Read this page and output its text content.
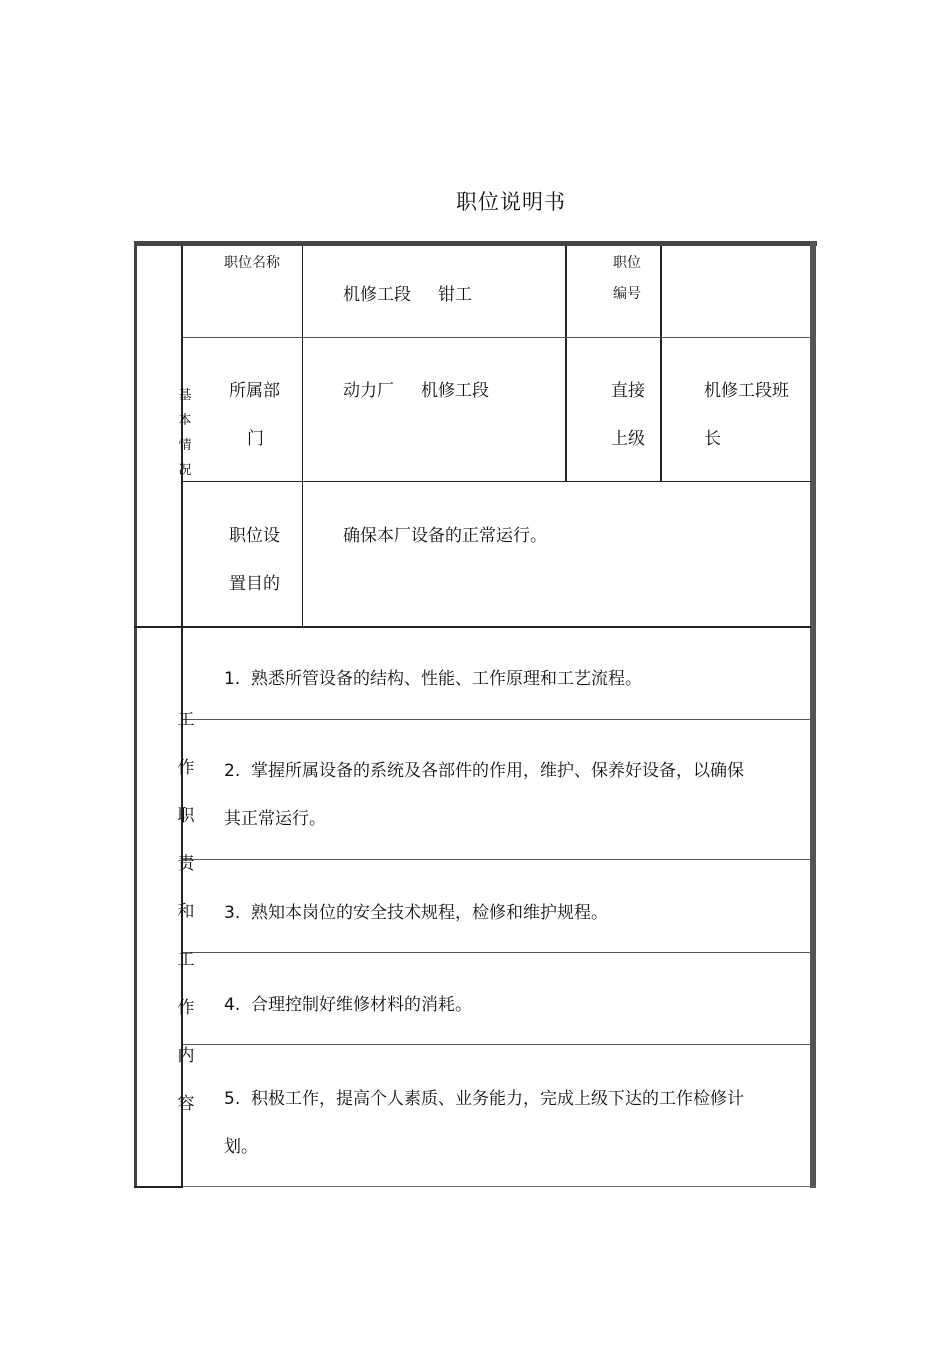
职位说明书
基
本
情
况
职位名称
机修工段     钳工
职位
编号
所属部
门
动力厂     机修工段	直接
上级
机修工段班
长
职位设
置目的
确保本厂设备的正常运行。
工
作
职
责
和
工
作
内
容
1.  熟悉所管设备的结构、性能、工作原理和工艺流程。
2.  掌握所属设备的系统及各部件的作用，维护、保养好设备，以确保
其正常运行。
3.  熟知本岗位的安全技术规程，检修和维护规程。
4.  合理控制好维修材料的消耗。
5.  积极工作，提高个人素质、业务能力，完成上级下达的工作检修计
划。
